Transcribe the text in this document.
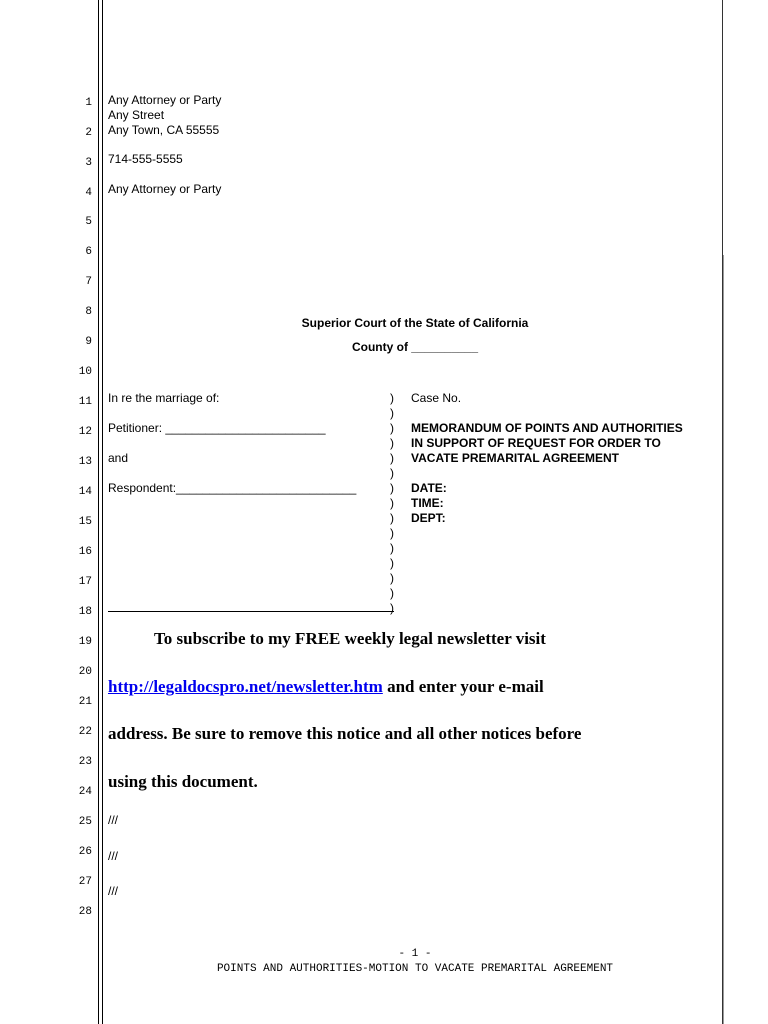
1
2
3
4
5
6
7
8
9
10
11
12
13
14
15
16
17
18
19
20
21
22
23
24
25
26
27
28
Any Attorney or Party
Any Street
Any Town, CA 55555
714-555-5555
Any Attorney or Party
Superior Court of the State of California
County of __________
In re the marriage of:
Petitioner: ________________________
and
Respondent:___________________________
)
)
)
)
)
)
)
)
)
)
)
)
)
)
)
Case No.
MEMORANDUM OF POINTS AND AUTHORITIES
IN SUPPORT OF REQUEST FOR ORDER TO
VACATE PREMARITAL AGREEMENT
DATE:
TIME:
DEPT:
To subscribe to my FREE weekly legal newsletter visit
http://legaldocspro.net/newsletter.htm and enter your e-mail
address. Be sure to remove this notice and all other notices before
using this document.
///
///
///
- 1 -
POINTS AND AUTHORITIES-MOTION TO VACATE PREMARITAL AGREEMENT
